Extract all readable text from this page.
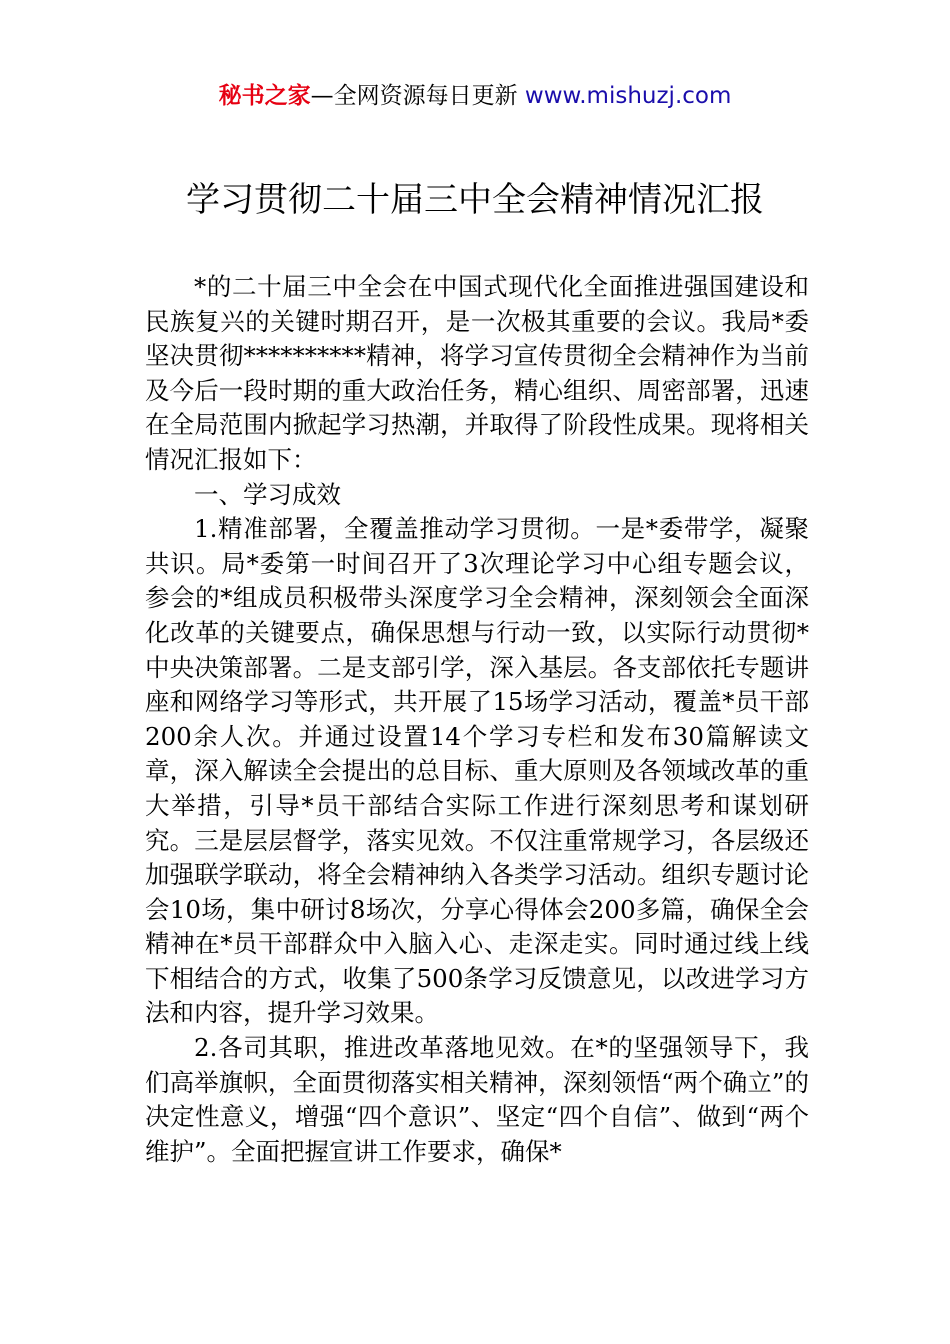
秘书之家—全网资源每日更新 www.mishuzj.com
学习贯彻二十届三中全会精神情况汇报

*的二十届三中全会在中国式现代化全面推进强国建设和民族复兴的关键时期召开，是一次极其重要的会议。我局*委坚决贯彻**********精神，将学习宣传贯彻全会精神作为当前及今后一段时期的重大政治任务，精心组织、周密部署，迅速在全局范围内掀起学习热潮，并取得了阶段性成果。现将相关情况汇报如下：

一、学习成效

1.精准部署，全覆盖推动学习贯彻。一是*委带学，凝聚共识。局*委第一时间召开了3次理论学习中心组专题会议，参会的*组成员积极带头深度学习全会精神，深刻领会全面深化改革的关键要点，确保思想与行动一致，以实际行动贯彻*中央决策部署。二是支部引学，深入基层。各支部依托专题讲座和网络学习等形式，共开展了15场学习活动，覆盖*员干部200余人次。并通过设置14个学习专栏和发布30篇解读文章，深入解读全会提出的总目标、重大原则及各领域改革的重大举措，引导*员干部结合实际工作进行深刻思考和谋划研究。三是层层督学，落实见效。不仅注重常规学习，各层级还加强联学联动，将全会精神纳入各类学习活动。组织专题讨论会10场，集中研讨8场次，分享心得体会200多篇，确保全会精神在*员干部群众中入脑入心、走深走实。同时通过线上线下相结合的方式，收集了500条学习反馈意见，以改进学习方法和内容，提升学习效果。

2.各司其职，推进改革落地见效。在*的坚强领导下，我们高举旗帜，全面贯彻落实相关精神，深刻领悟“两个确立”的决定性意义，增强“四个意识”、坚定“四个自信”、做到“两个维护”。全面把握宣讲工作要求，确保*
